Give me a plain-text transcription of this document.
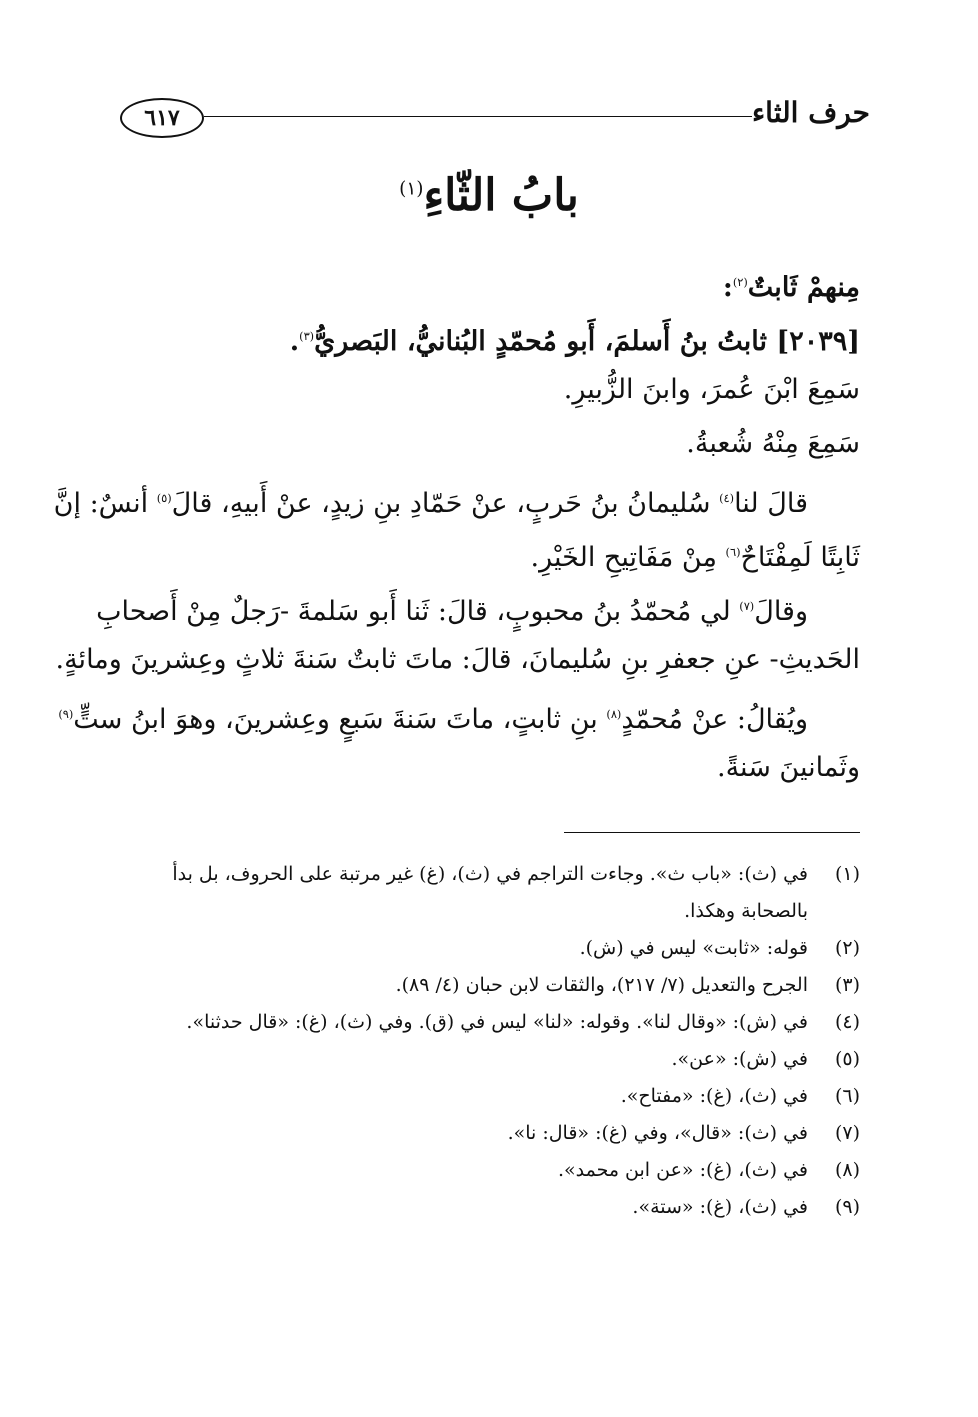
حرف الثاء
٦١٧
بابُ الثّاءِ$^{(١)}$
مِنهمْ ثَابتٌ$^{(٢)}$:
[٢٠٣٩] ثابتُ بنُ أَسلمَ، أَبو مُحمّدٍ البُنانيُّ، البَصريُّ$^{(٣)}$.
سَمِعَ ابْنَ عُمرَ، وابنَ الزُّبيرِ.
سَمِعَ مِنْهُ شُعبةُ.
قالَ لنا$^{(٤)}$ سُليمانُ بنُ حَربٍ، عنْ حَمّادِ بنِ زيدٍ، عنْ أَبيهِ، قالَ$^{(٥)}$ أنسٌ: إنَّ
ثَابِتًا لَمِفْتَاحٌ$^{(٦)}$ مِنْ مَفَاتِيحِ الخَيْرِ.
وقالَ$^{(٧)}$ لي مُحمّدُ بنُ محبوبٍ، قالَ: ثَنا أَبو سَلمةَ -رَجلٌ مِنْ أَصحابِ
الحَديثِ- عنِ جعفرِ بنِ سُليمانَ، قالَ: ماتَ ثابتٌ سَنةَ ثلاثٍ وعِشرينَ ومائةٍ.
ويُقالُ: عنْ مُحمّدٍ$^{(٨)}$ بنِ ثابتٍ، ماتَ سَنةَ سَبعٍ وعِشرينَ، وهوَ ابنُ ستٍّ$^{(٩)}$
وثَمانينَ سَنةً.
(١)
في (ث): «باب ث». وجاءت التراجم في (ث)، (غ) غير مرتبة على الحروف، بل بدأ
بالصحابة وهكذا.
(٢)
قوله: «ثابت» ليس في (ش).
(٣)
الجرح والتعديل (٧/ ٢١٧)، والثقات لابن حبان (٤/ ٨٩).
(٤)
في (ش): «وقال لنا». وقوله: «لنا» ليس في (ق). وفي (ث)، (غ): «قال حدثنا».
(٥)
في (ش): «عن».
(٦)
في (ث)، (غ): «مفتاح».
(٧)
في (ث): «قال»، وفي (غ): «قال: نا».
(٨)
في (ث)، (غ): «عن ابن محمد».
(٩)
في (ث)، (غ): «ستة».
